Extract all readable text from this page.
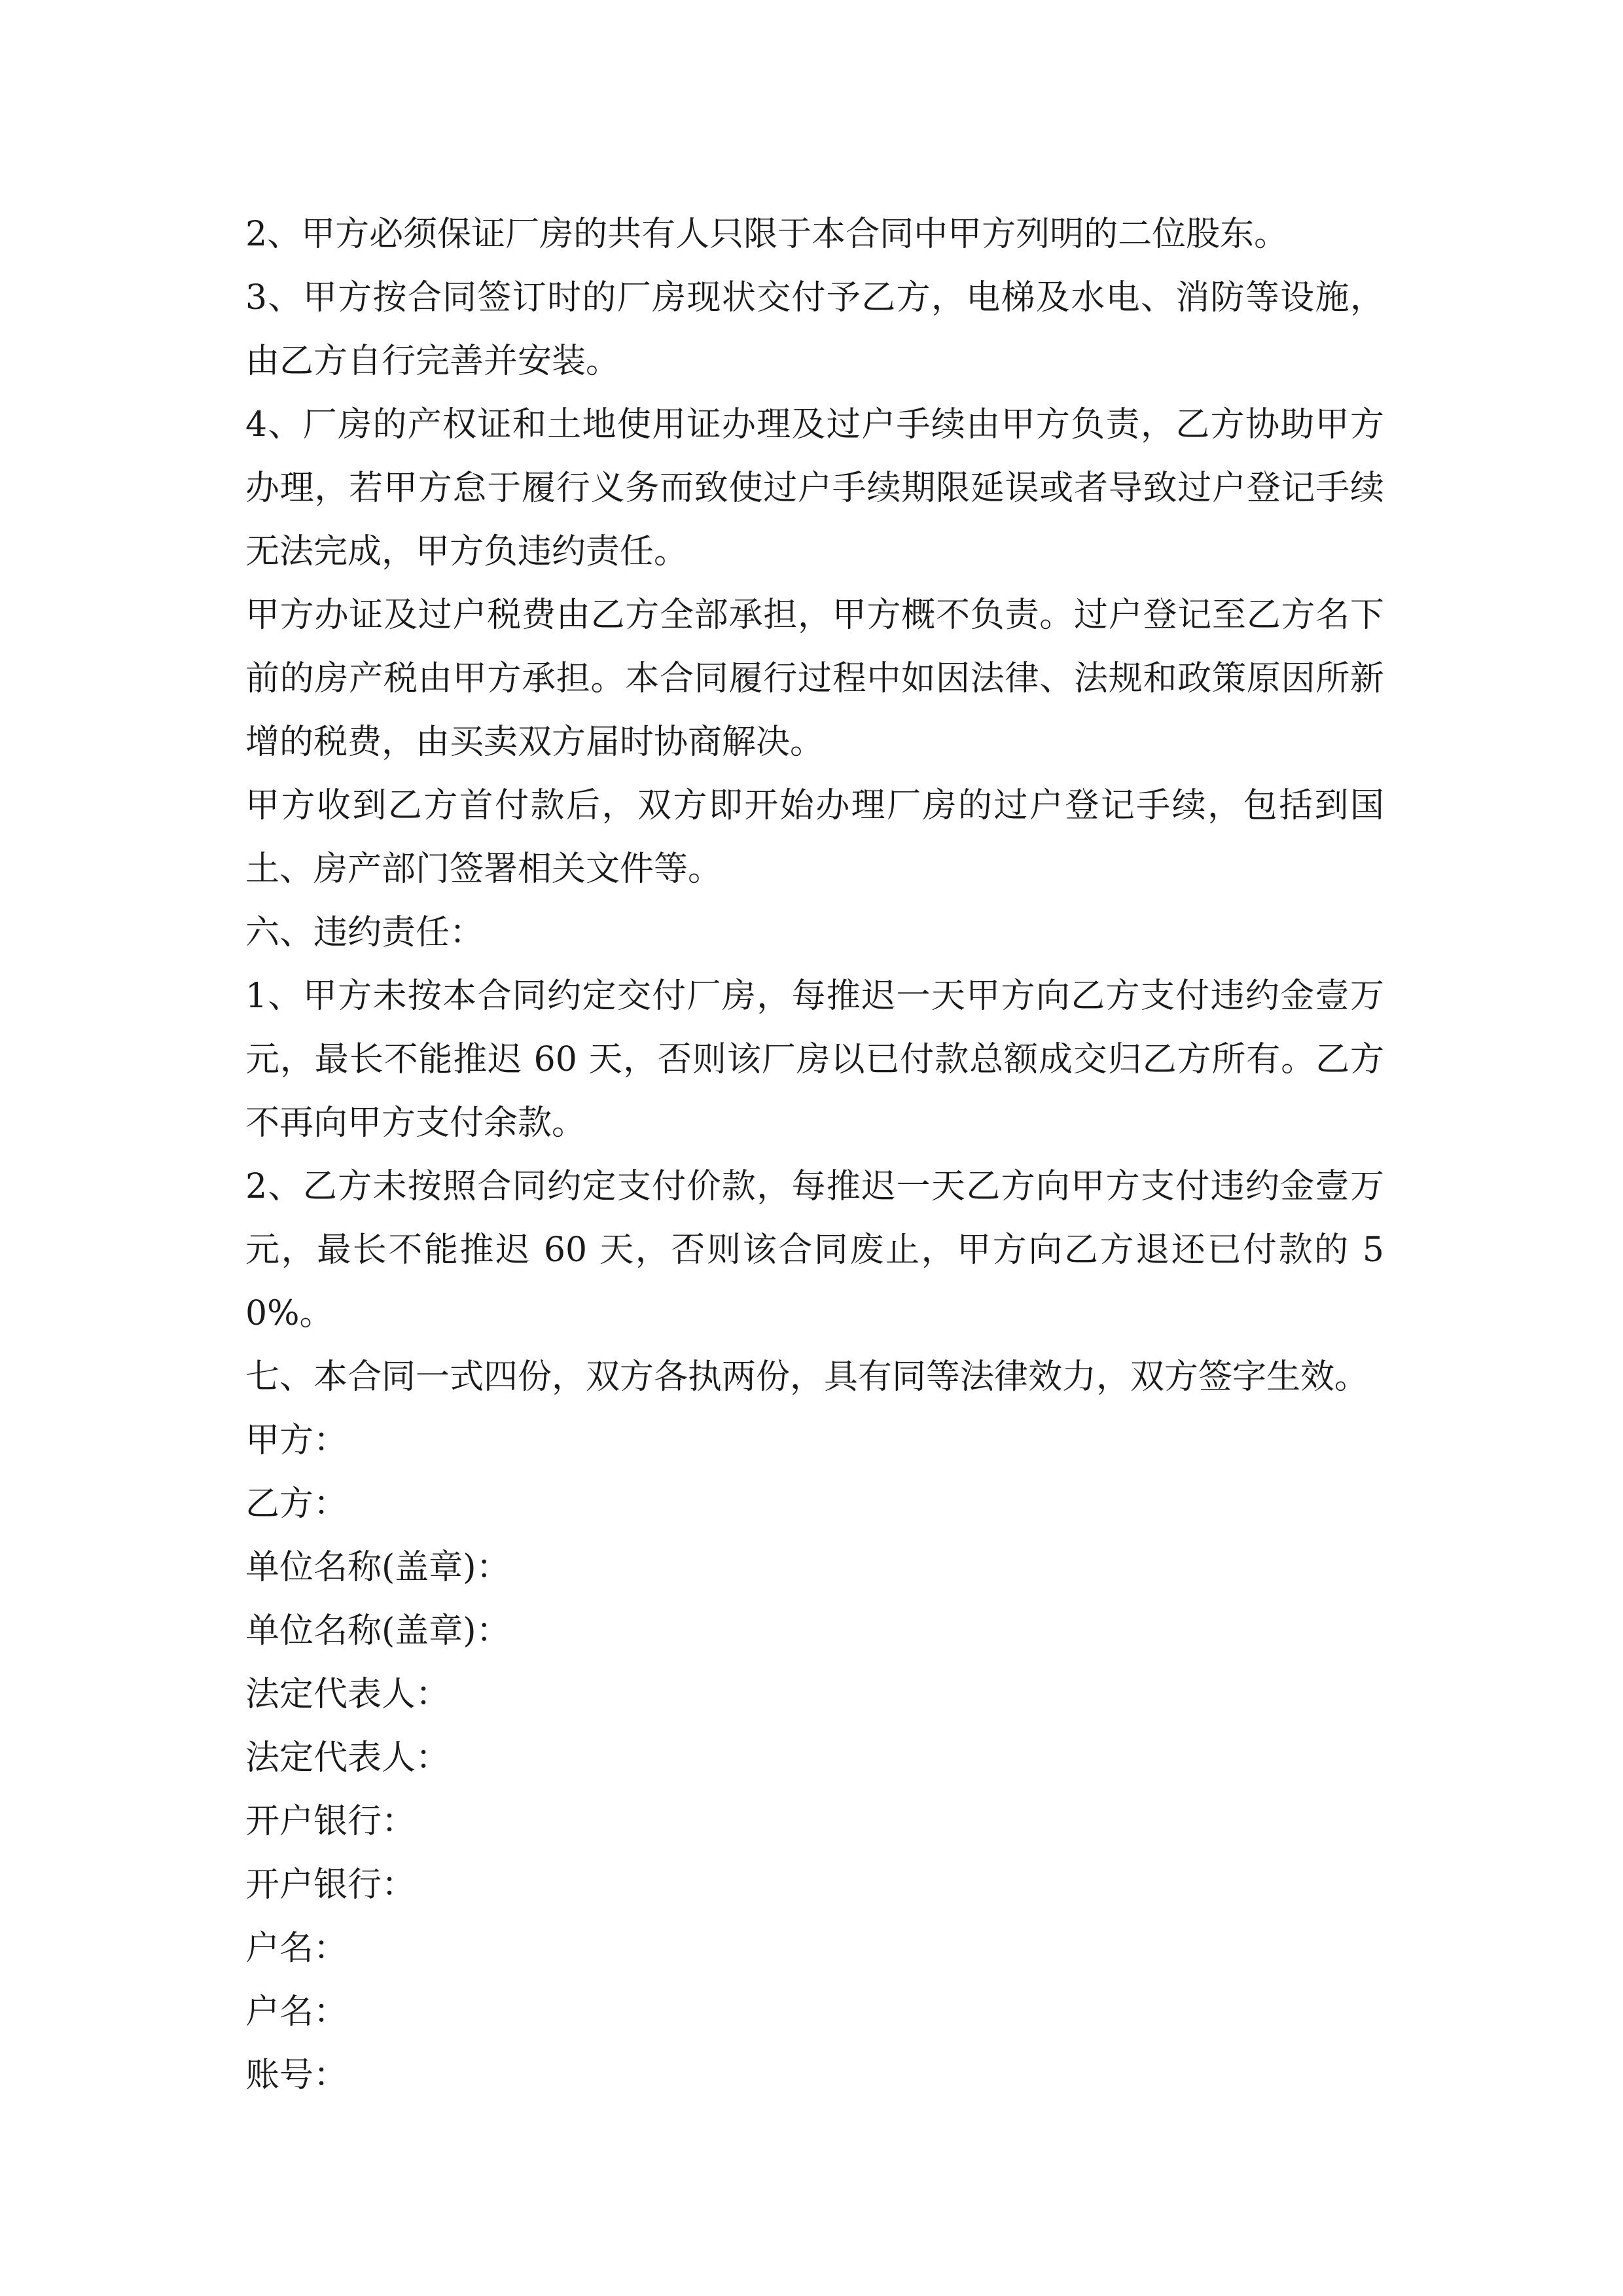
2、甲方必须保证厂房的共有人只限于本合同中甲方列明的二位股东。

3、甲方按合同签订时的厂房现状交付予乙方，电梯及水电、消防等设施，由乙方自行完善并安装。

4、厂房的产权证和土地使用证办理及过户手续由甲方负责，乙方协助甲方办理，若甲方怠于履行义务而致使过户手续期限延误或者导致过户登记手续无法完成，甲方负违约责任。

甲方办证及过户税费由乙方全部承担，甲方概不负责。过户登记至乙方名下前的房产税由甲方承担。本合同履行过程中如因法律、法规和政策原因所新增的税费，由买卖双方届时协商解决。

甲方收到乙方首付款后，双方即开始办理厂房的过户登记手续，包括到国土、房产部门签署相关文件等。

六、违约责任：

1、甲方未按本合同约定交付厂房，每推迟一天甲方向乙方支付违约金壹万元，最长不能推迟 60 天，否则该厂房以已付款总额成交归乙方所有。乙方不再向甲方支付余款。

2、乙方未按照合同约定支付价款，每推迟一天乙方向甲方支付违约金壹万元，最长不能推迟 60 天，否则该合同废止，甲方向乙方退还已付款的 50%。

七、本合同一式四份，双方各执两份，具有同等法律效力，双方签字生效。

甲方：

乙方：

单位名称(盖章)：

单位名称(盖章)：

法定代表人：

法定代表人：

开户银行：

开户银行：

户名：

户名：

账号：
